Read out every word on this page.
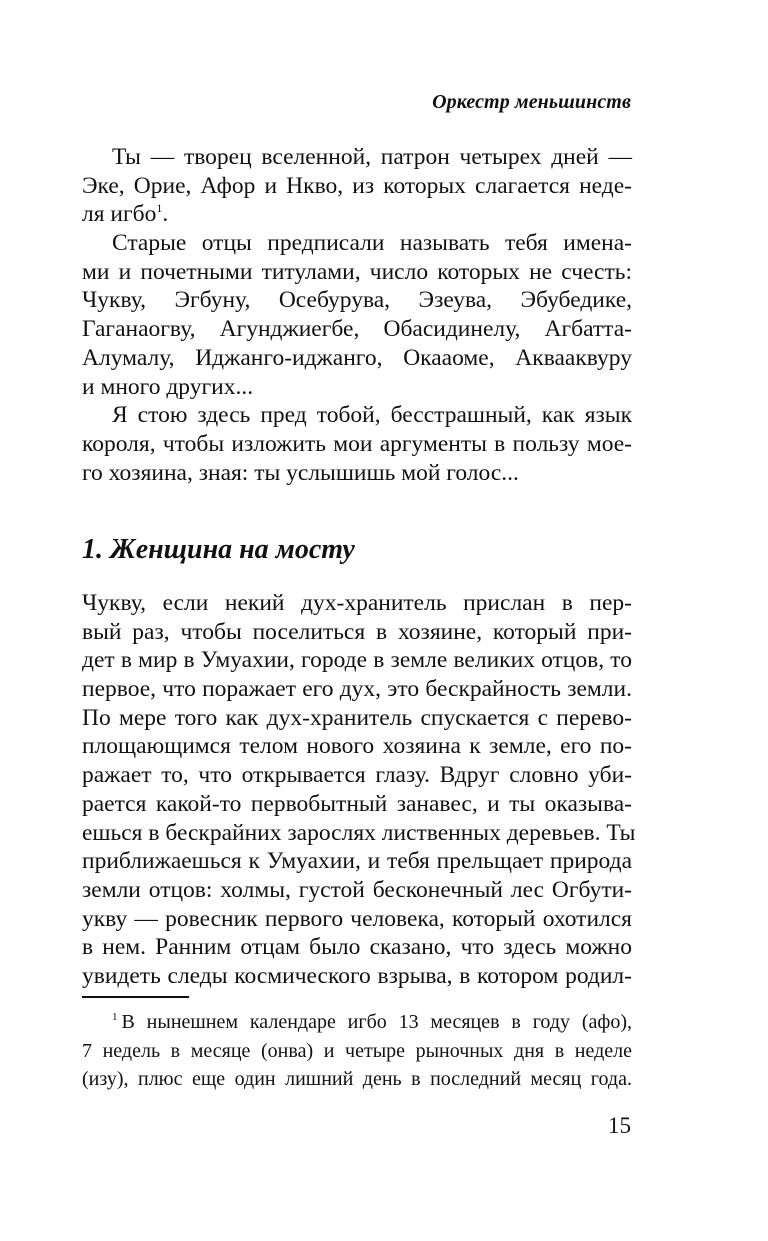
Оркестр меньшинств
Ты — творец вселенной, патрон четырех дней —
Эке, Орие, Афор и Нкво, из которых слагается неде-
ля игбо$^1$.
Старые отцы предписали называть тебя имена-
ми и почетными титулами, число которых не счесть:
Чукву, Эгбуну, Осебурува, Эзеува, Эбубедике,
Гаганаогву, Агунджиегбе, Обасидинелу, Агбатта-
Алумалу, Иджанго-иджанго, Окааоме, Аквааквуру
и много других...
Я стою здесь пред тобой, бесстрашный, как язык
короля, чтобы изложить мои аргументы в пользу мое-
го хозяина, зная: ты услышишь мой голос...
1. Женщина на мосту
Чукву, если некий дух-хранитель прислан в пер-
вый раз, чтобы поселиться в хозяине, который при-
дет в мир в Умуахии, городе в земле великих отцов, то
первое, что поражает его дух, это бескрайность земли.
По мере того как дух-хранитель спускается с перево-
площающимся телом нового хозяина к земле, его по-
ражает то, что открывается глазу. Вдруг словно уби-
рается какой-то первобытный занавес, и ты оказыва-
ешься в бескрайних зарослях лиственных деревьев. Ты
приближаешься к Умуахии, и тебя прельщает природа
земли отцов: холмы, густой бесконечный лес Огбути-
укву — ровесник первого человека, который охотился
в нем. Ранним отцам было сказано, что здесь можно
увидеть следы космического взрыва, в котором родил-
$^1$ В нынешнем календаре игбо 13 месяцев в году (афо),
7 недель в месяце (онва) и четыре рыночных дня в неделе
(изу), плюс еще один лишний день в последний месяц года.
15
